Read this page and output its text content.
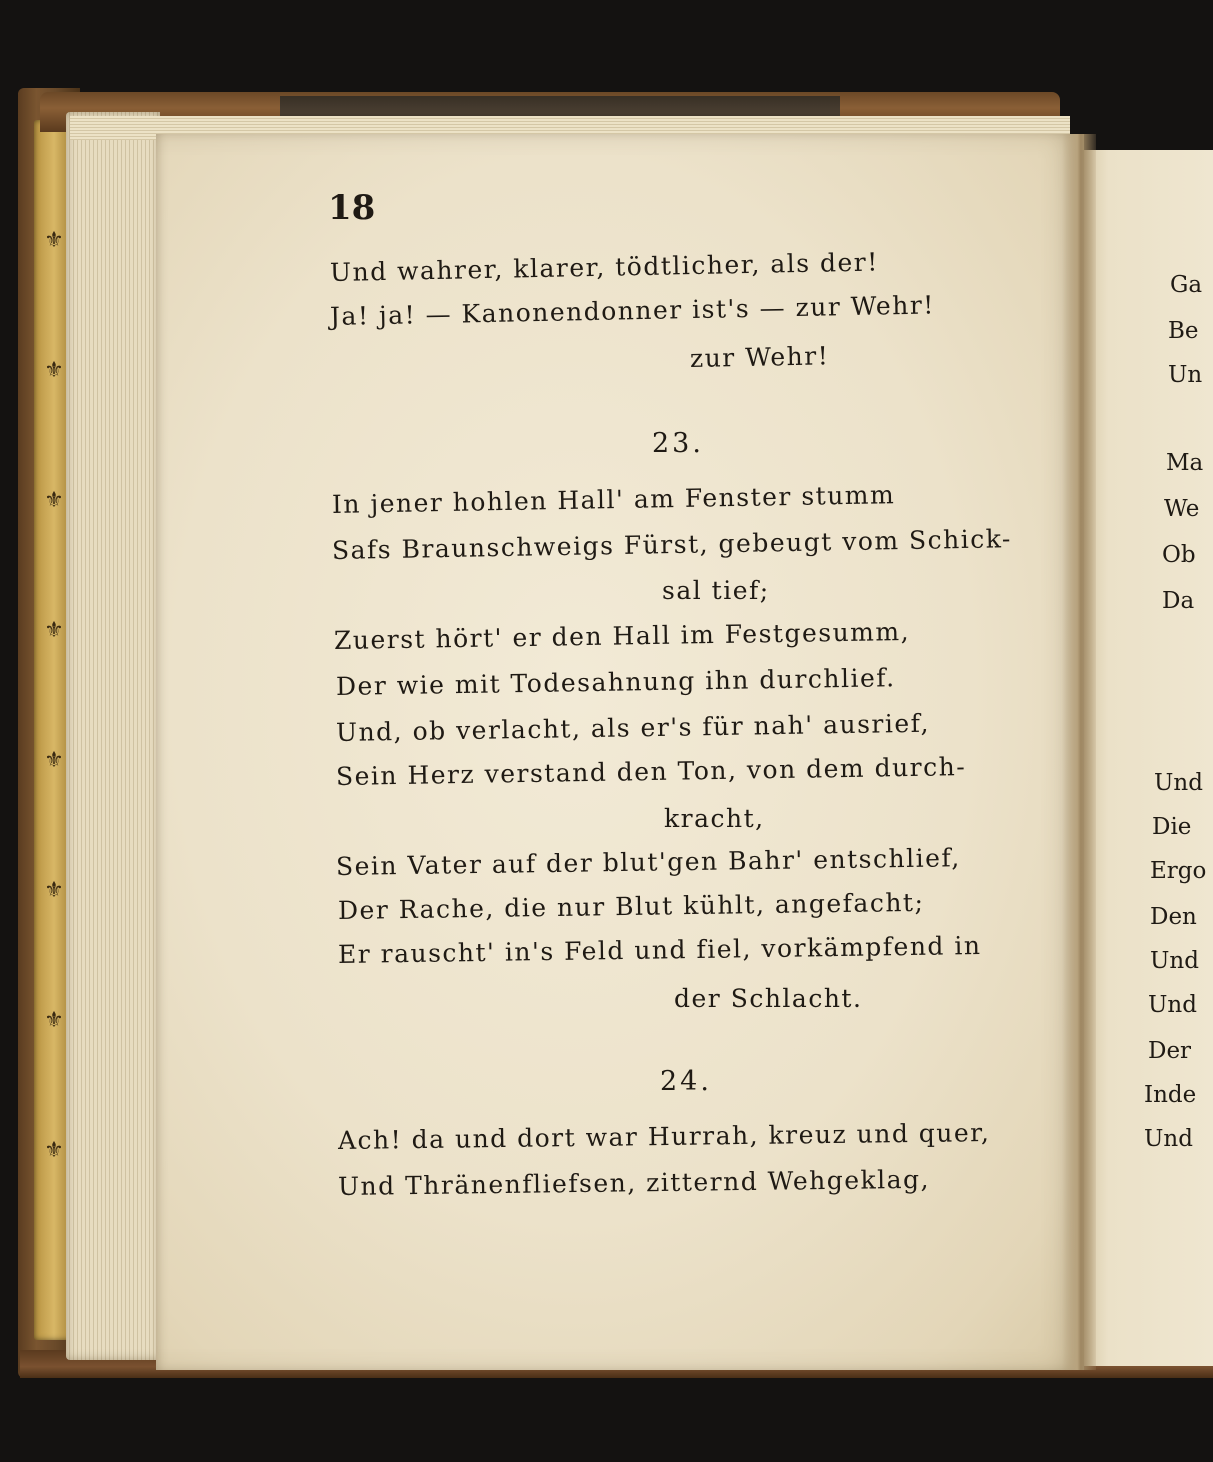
⚜
⚜
⚜
⚜
⚜
⚜
⚜
⚜
Ga
Be
Un
Ma
We
Ob
Da
Und
Die
Ergo
Den
Und
Und
Der
Inde
Und
18
Und wahrer, klarer, tödtlicher, als der!
Ja! ja! — Kanonendonner ist's — zur Wehr!
zur Wehr!
23.
In jener hohlen Hall' am Fenster stumm
Safs Braunschweigs Fürst, gebeugt vom Schick-
sal tief;
Zuerst hört' er den Hall im Festgesumm,
Der wie mit Todesahnung ihn durchlief.
Und, ob verlacht, als er's für nah' ausrief,
Sein Herz verstand den Ton, von dem durch-
kracht,
Sein Vater auf der blut'gen Bahr' entschlief,
Der Rache, die nur Blut kühlt, angefacht;
Er rauscht' in's Feld und fiel, vorkämpfend in
der Schlacht.
24.
Ach! da und dort war Hurrah, kreuz und quer,
Und Thränenfliefsen, zitternd Wehgeklag,
